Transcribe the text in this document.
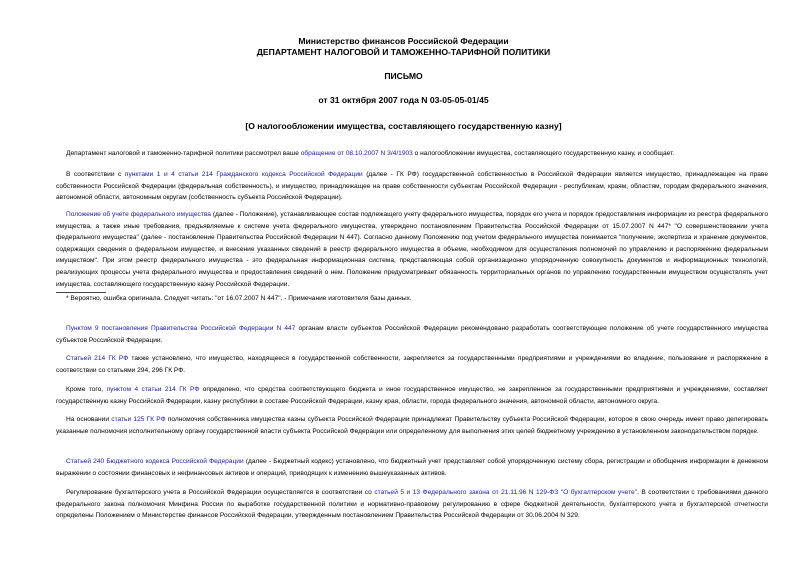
Министерство финансов Российской Федерации
ДЕПАРТАМЕНТ НАЛОГОВОЙ И ТАМОЖЕННО-ТАРИФНОЙ ПОЛИТИКИ
ПИСЬМО
от 31 октября 2007 года N 03-05-05-01/45
[О налогообложении имущества, составляющего государственную казну]

Департамент налоговой и таможенно-тарифной политики рассмотрел ваше обращение от 08.10.2007 N 3/4/1903 о налогообложении имущества, составляющего государственную казну, и сообщает.

В соответствии с пунктами 1 и 4 статьи 214 Гражданского кодекса Российской Федерации (далее - ГК РФ) государственной собственностью в Российской Федерации является имущество, принадлежащее на праве собственности Российской Федерации (федеральная собственность), и имущество, принадлежащее на праве собственности субъектам Российской Федерации - республикам, краям, областям, городам федерального значения, автономной области, автономным округам (собственность субъекта Российской Федерации).

Положение об учете федерального имущества (далее - Положение), устанавливающее состав подлежащего учету федерального имущества, порядок его учета и порядок предоставления информации из реестра федерального имущества, а также иные требования, предъявляемые к системе учета федерального имущества, утверждено постановлением Правительства Российской Федерации от 15.07.2007 N 447* "О совершенствовании учета федерального имущества" (далее - постановление Правительства Российской Федерации N 447). Согласно данному Положению под учетом федерального имущества понимается "получение, экспертиза и хранение документов, содержащих сведения о федеральном имуществе, и внесение указанных сведений в реестр федерального имущества в объеме, необходимом для осуществления полномочий по управлению и распоряжению федеральным имуществом". При этом реестр федерального имущества - это федеральная информационная система, представляющая собой организационно упорядоченную совокупность документов и информационных технологий, реализующих процессы учета федерального имущества и предоставления сведений о нем. Положение предусматривает обязанность территориальных органов по управлению государственным имуществом осуществлять учет имущества, составляющего государственную казну Российской Федерации.

* Вероятно, ошибка оригинала. Следует читать: "от 16.07.2007 N 447". - Примечание изготовителя базы данных.

Пунктом 9 постановления Правительства Российской Федерации N 447 органам власти субъектов Российской Федерации рекомендовано разработать соответствующее положение об учете государственного имущества субъектов Российской Федерации.

Статьей 214 ГК РФ также установлено, что имущество, находящееся в государственной собственности, закрепляется за государственными предприятиями и учреждениями во владение, пользование и распоряжение в соответствии со статьями 294, 296 ГК РФ.

Кроме того, пунктом 4 статьи 214 ГК РФ определено, что средства соответствующего бюджета и иное государственное имущество, не закрепленное за государственными предприятиями и учреждениями, составляет государственную казну Российской Федерации, казну республики в составе Российской Федерации, казну края, области, города федерального значения, автономной области, автономного округа.

На основании статьи 125 ГК РФ полномочия собственника имущества казны субъекта Российской Федерации принадлежат Правительству субъекта Российской Федерации, которое в свою очередь имеет право делегировать указанные полномочия исполнительному органу государственной власти субъекта Российской Федерации или определенному для выполнения этих целей бюджетному учреждению в установленном законодательством порядке.

Статьей 240 Бюджетного кодекса Российской Федерации (далее - Бюджетный кодекс) установлено, что бюджетный учет представляет собой упорядоченную систему сбора, регистрации и обобщения информации в денежном выражении о состоянии финансовых и нефинансовых активов и операций, приводящих к изменению вышеуказанных активов.

Регулирование бухгалтерского учета в Российской Федерации осуществляется в соответствии со статьей 5 и 13 Федерального закона от 21.11.96 N 129-ФЗ "О бухгалтерском учете". В соответствии с требованиями данного федерального закона полномочия Минфина России по выработке государственной политики и нормативно-правовому регулированию в сфере бюджетной деятельности, бухгалтерского учета и бухгалтерской отчетности определены Положением о Министерстве финансов Российской Федерации, утвержденным постановлением Правительства Российской Федерации от 30.06.2004 N 329.
